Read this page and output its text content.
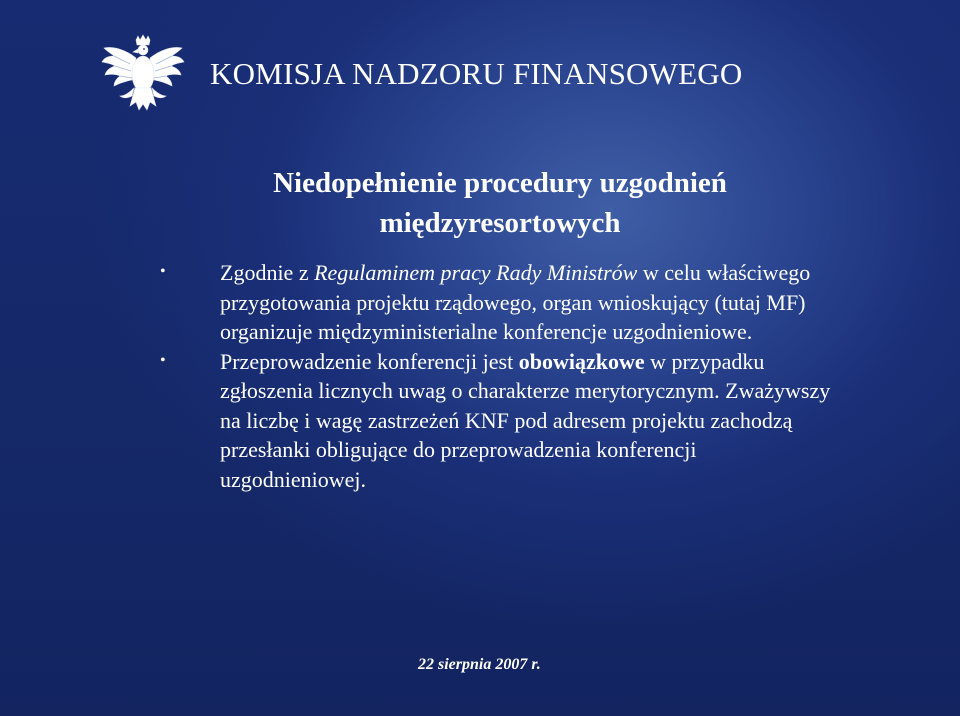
KOMISJA NADZORU FINANSOWEGO
Niedopełnienie procedury uzgodnień
międzyresortowych
• Zgodnie z Regulaminem pracy Rady Ministrów w celu właściwego przygotowania projektu rządowego, organ wnioskujący (tutaj MF) organizuje międzyministerialne konferencje uzgodnieniowe.
• Przeprowadzenie konferencji jest obowiązkowe w przypadku zgłoszenia licznych uwag o charakterze merytorycznym. Zważywszy na liczbę i wagę zastrzeżeń KNF pod adresem projektu zachodzą przesłanki obligujące do przeprowadzenia konferencji uzgodnieniowej.

22 sierpnia 2007 r.
